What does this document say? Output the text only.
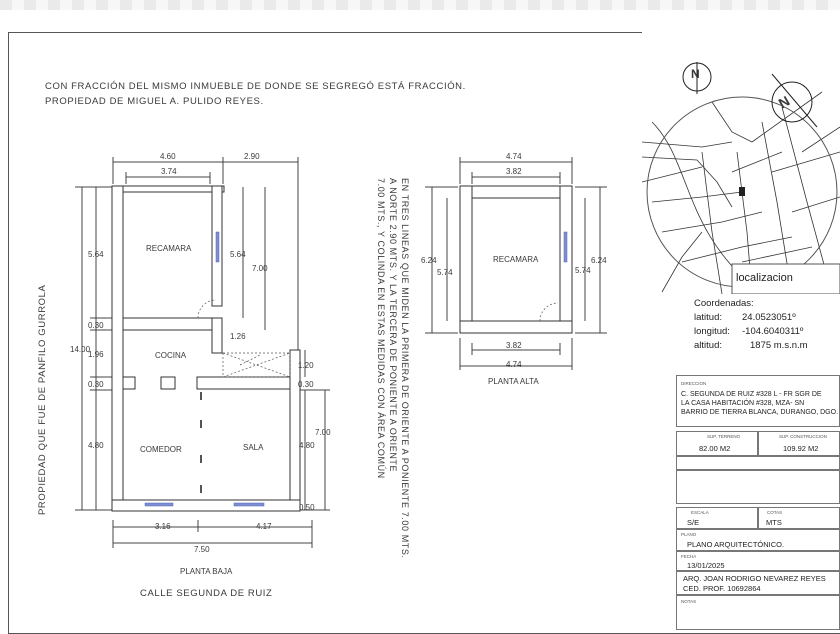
CON FRACCIÓN DEL MISMO INMUEBLE DE DONDE SE SEGREGÓ ESTÁ FRACCIÓN.
PROPIEDAD DE MIGUEL A. PULIDO REYES.
4.60	2.90
3.74
5.64
0.30
1.96
0.30
4.80
14.00
5.64
7.00
1.26
1.20
0.30
7.00
4.80
0.50
3.16	4.17
7.50
RECAMARA
COCINA
COMEDOR	SALA
PLANTA BAJA
CALLE SEGUNDA DE RUIZ
PROPIEDAD QUE FUE DE PANFILO GURROLA	EN TRES LINEAS QUE MIDEN LA PRIMERA DE ORIENTE A PONIENTE 7.00 MTS.
A NORTE 2.90 MTS. Y LA TERCERA DE PONIENTE A ORIENTE
7.00 MTS., Y COLINDA EN ESTAS MEDIDAS CON ÁREA COMÚN
4.74
3.82
6.24
5.74	5.74
6.24
3.82
4.74
RECAMARA
PLANTA ALTA
N
N
localizacion
Coordenadas:
latitud: 24.0523051º
longitud: -104.6040311º
altitud:	1875 m.s.n.m
DIRECCION
C. SEGUNDA DE RUIZ #328 L - FR SGR DE
LA CASA HABITACIÓN #328, MZA- SN
BARRIO DE TIERRA BLANCA, DURANGO, DGO.
SUP. TERRENO
82.00 M2
SUP. CONSTRUCCION
109.92 M2
ESCALA
S/E
COTAS
MTS
PLANO
PLANO ARQUITECTÓNICO.
FECHA
13/01/2025
ARQ. JOAN RODRIGO NEVAREZ REYES
CED. PROF. 10692864
NOTAS
